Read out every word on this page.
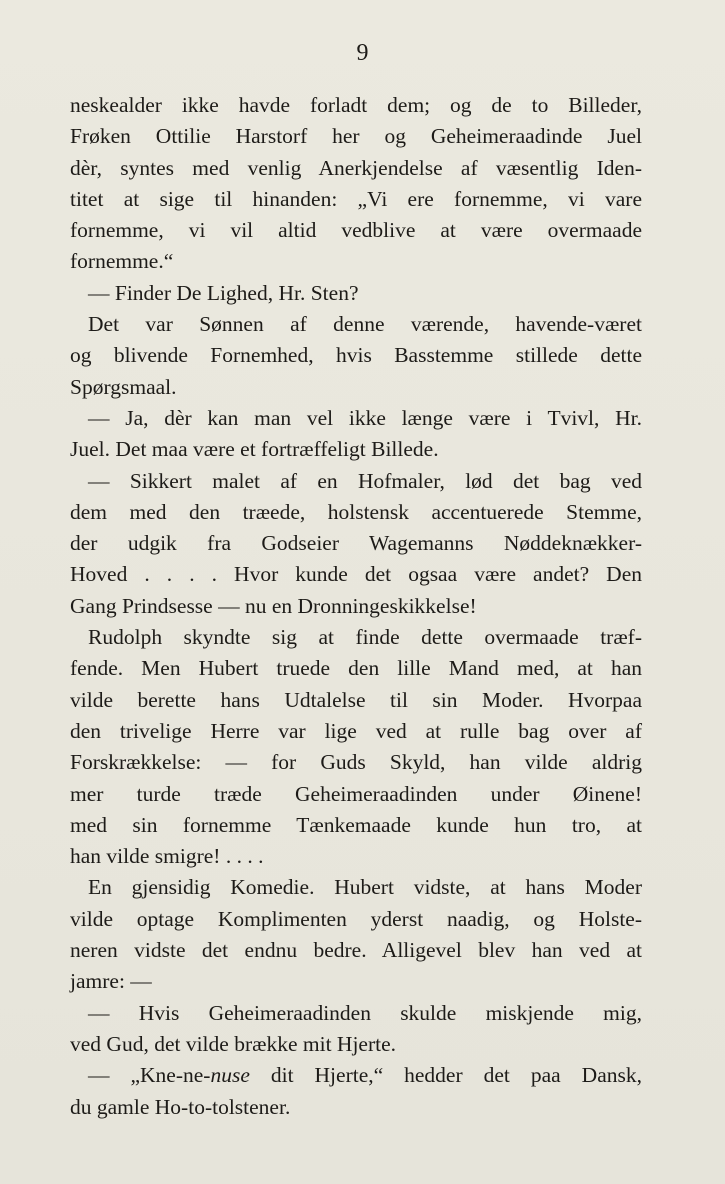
9
neskealder ikke havde forladt dem; og de to Billeder,
Frøken Ottilie Harstorf her og Geheimeraadinde Juel
dèr, syntes med venlig Anerkjendelse af væsentlig Iden-
titet at sige til hinanden: „Vi ere fornemme, vi vare
fornemme, vi vil altid vedblive at være overmaade
fornemme.“
— Finder De Lighed, Hr. Sten?
Det var Sønnen af denne værende, havende-været
og blivende Fornemhed, hvis Basstemme stillede dette
Spørgsmaal.
— Ja, dèr kan man vel ikke længe være i Tvivl, Hr.
Juel. Det maa være et fortræffeligt Billede.
— Sikkert malet af en Hofmaler, lød det bag ved
dem med den træede, holstensk accentuerede Stemme,
der udgik fra Godseier Wagemanns Nøddeknækker-
Hoved . . . . Hvor kunde det ogsaa være andet? Den
Gang Prindsesse — nu en Dronningeskikkelse!
Rudolph skyndte sig at finde dette overmaade træf-
fende. Men Hubert truede den lille Mand med, at han
vilde berette hans Udtalelse til sin Moder. Hvorpaa
den trivelige Herre var lige ved at rulle bag over af
Forskrækkelse: — for Guds Skyld, han vilde aldrig
mer turde træde Geheimeraadinden under Øinene!
med sin fornemme Tænkemaade kunde hun tro, at
han vilde smigre! . . . .
En gjensidig Komedie. Hubert vidste, at hans Moder
vilde optage Komplimenten yderst naadig, og Holste-
neren vidste det endnu bedre. Alligevel blev han ved at
jamre: —
— Hvis Geheimeraadinden skulde miskjende mig,
ved Gud, det vilde brække mit Hjerte.
— „Kne-ne-nuse dit Hjerte,“ hedder det paa Dansk,
du gamle Ho-to-tolstener.
